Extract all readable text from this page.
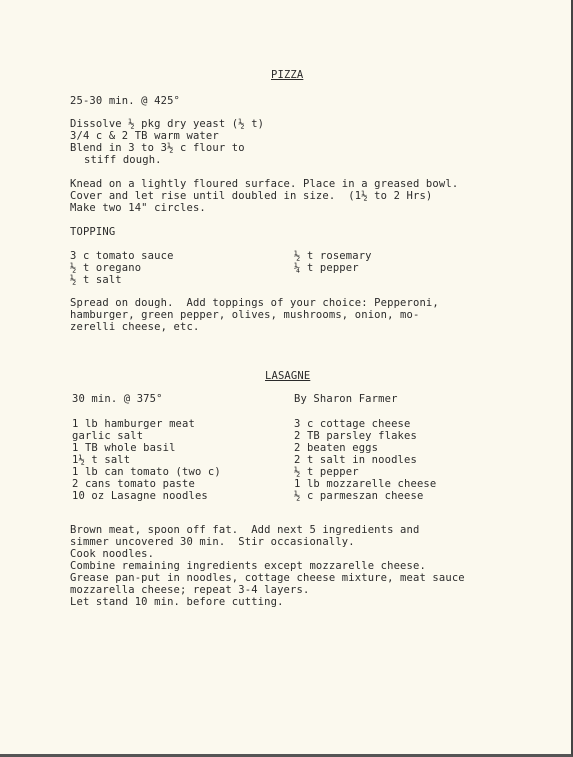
PIZZA
25-30 min. @ 425°
Dissolve ½ pkg dry yeast (½ t)
3/4 c & 2 TB warm water
Blend in 3 to 3½ c flour to
stiff dough.
Knead on a lightly floured surface. Place in a greased bowl.
Cover and let rise until doubled in size.  (1½ to 2 Hrs)
Make two 14" circles.
TOPPING
3 c tomato sauce
½ t oregano
½ t salt
½ t rosemary
¼ t pepper
Spread on dough.  Add toppings of your choice: Pepperoni,
hamburger, green pepper, olives, mushrooms, onion, mo-
zerelli cheese, etc.
LASAGNE
30 min. @ 375°	By Sharon Farmer
1 lb hamburger meat
garlic salt
1 TB whole basil
1½ t salt
1 lb can tomato (two c)
2 cans tomato paste
10 oz Lasagne noodles
3 c cottage cheese
2 TB parsley flakes
2 beaten eggs
2 t salt in noodles
½ t pepper
1 lb mozzarelle cheese
½ c parmeszan cheese
Brown meat, spoon off fat.  Add next 5 ingredients and
simmer uncovered 30 min.  Stir occasionally.
Cook noodles.
Combine remaining ingredients except mozzarelle cheese.
Grease pan-put in noodles, cottage cheese mixture, meat sauce
mozzarella cheese; repeat 3-4 layers.
Let stand 10 min. before cutting.
